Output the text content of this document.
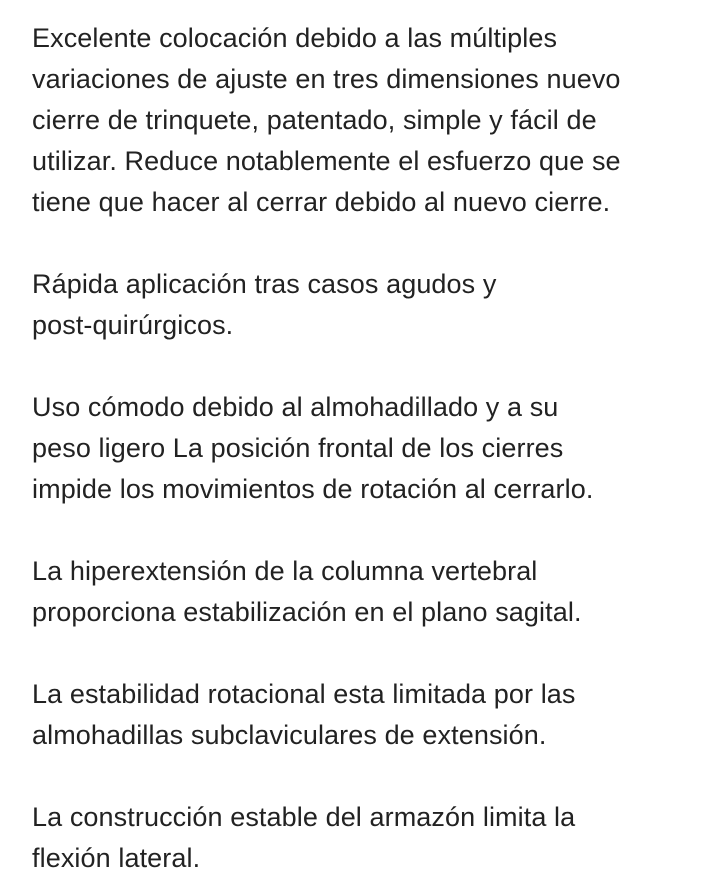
Excelente colocación debido a las múltiples
variaciones de ajuste en tres dimensiones nuevo
cierre de trinquete, patentado, simple y fácil de
utilizar. Reduce notablemente el esfuerzo que se
tiene que hacer al cerrar debido al nuevo cierre.

Rápida aplicación tras casos agudos y
post-quirúrgicos.

Uso cómodo debido al almohadillado y a su
peso ligero La posición frontal de los cierres
impide los movimientos de rotación al cerrarlo.

La hiperextensión de la columna vertebral
proporciona estabilización en el plano sagital.

La estabilidad rotacional esta limitada por las
almohadillas subclaviculares de extensión.

La construcción estable del armazón limita la
flexión lateral.
